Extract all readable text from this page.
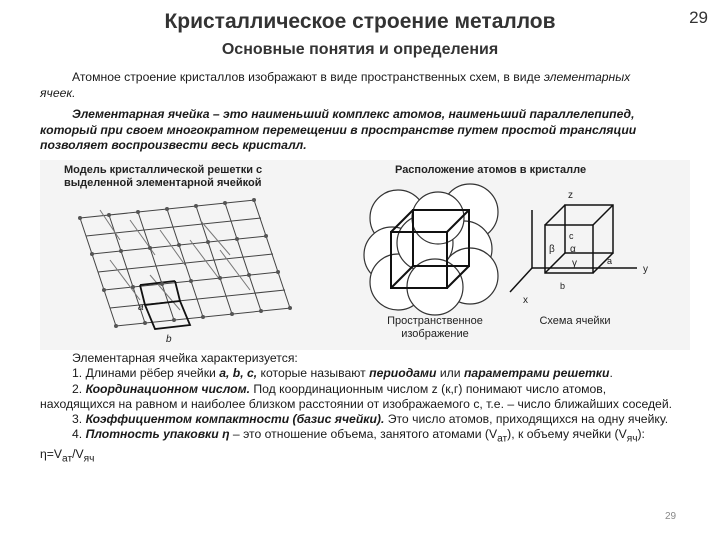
Кристаллическое строение металлов
Основные понятия и определения
29
Атомное строение кристаллов изображают в виде пространственных схем, в виде элементарных ячеек.
Элементарная ячейка – это наименьший комплекс атомов, наименьший параллелепипед, который при своем многократном перемещении в пространстве путем простой трансляции позволяет воспроизвести весь кристалл.
Модель кристаллической решетки с выделенной элементарной ячейкой
Расположение атомов в кристалле
a
b
z
y
x
c
a
b
β α
γ
Пространственное изображение
Схема ячейки

Элементарная ячейка характеризуется:

1. Длинами рёбер ячейки a, b, c, которые называют периодами или параметрами решетки.

2. Координационном числом. Под координационным числом z (к,г) понимают число атомов, находящихся на равном и наиболее близком расстоянии от изображаемого с, т.е. – число ближайших соседей.

3. Коэффициентом компактности (базис ячейки). Это число атомов, приходящихся на одну ячейку.

4. Плотность упаковки η – это отношение объема, занятого атомами $(V_{ат})$, к объему ячейки $(V_{яч})$: $\eta=V_{ат}/V_{яч}$

29
